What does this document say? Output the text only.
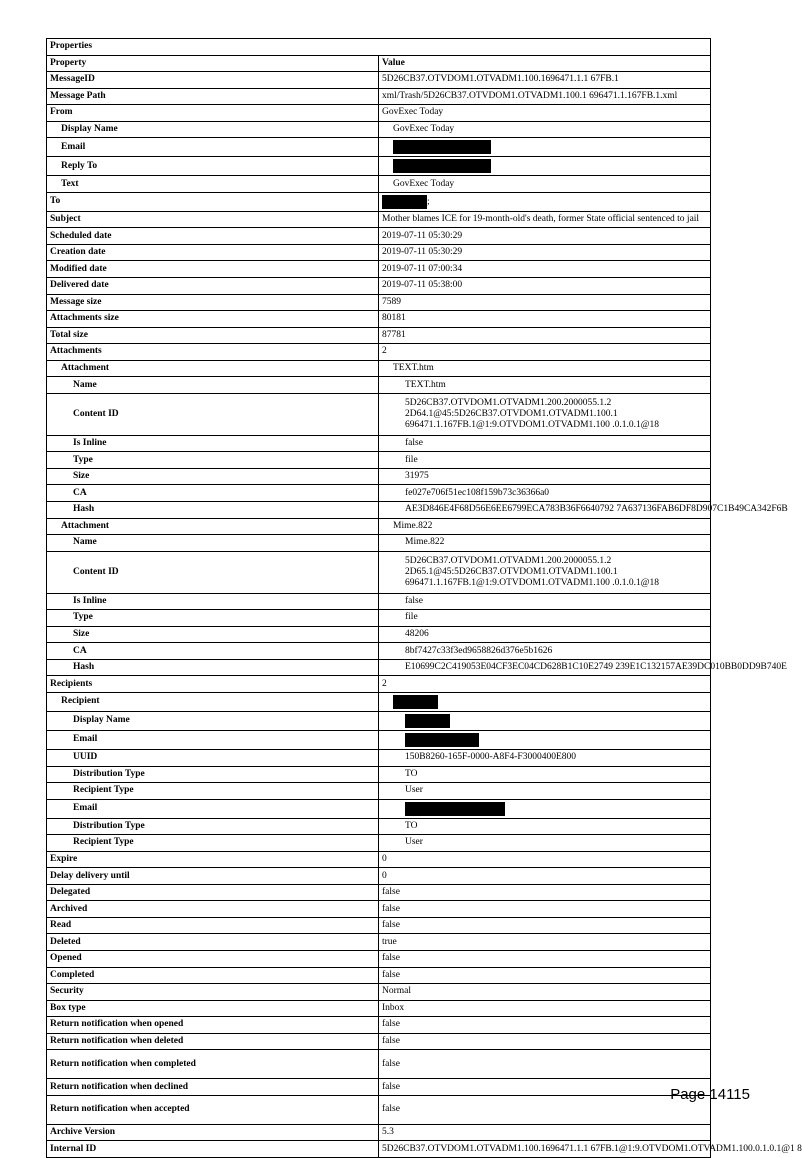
Properties	
Property	Value
MessageID	5D26CB37.OTVDOM1.OTVADM1.100.1696471.1.1 67FB.1
Message Path	xml/Trash/5D26CB37.OTVDOM1.OTVADM1.100.1 696471.1.167FB.1.xml
From	GovExec Today
Display Name	GovExec Today
Email	
Reply To	
Text	GovExec Today
To	;
Subject	Mother blames ICE for 19-month-old's death, former State official sentenced to jail
Scheduled date	2019-07-11 05:30:29
Creation date	2019-07-11 05:30:29
Modified date	2019-07-11 07:00:34
Delivered date	2019-07-11 05:38:00
Message size	7589
Attachments size	80181
Total size	87781
Attachments	2
Attachment	TEXT.htm
Name	TEXT.htm
Content ID	5D26CB37.OTVDOM1.OTVADM1.200.2000055.1.2
2D64.1@45:5D26CB37.OTVDOM1.OTVADM1.100.1
696471.1.167FB.1@1:9.OTVDOM1.OTVADM1.100 .0.1.0.1@18

Is Inline	false
Type	file
Size	31975
CA	fe027e706f51ec108f159b73c36366a0
Hash	AE3D846E4F68D56E6EE6799ECA783B36F6640792 7A637136FAB6DF8D907C1B49CA342F6B
Attachment	Mime.822
Name	Mime.822
Content ID	5D26CB37.OTVDOM1.OTVADM1.200.2000055.1.2
2D65.1@45:5D26CB37.OTVDOM1.OTVADM1.100.1
696471.1.167FB.1@1:9.OTVDOM1.OTVADM1.100 .0.1.0.1@18

Is Inline	false
Type	file
Size	48206
CA	8bf7427c33f3ed9658826d376e5b1626
Hash	E10699C2C419053E04CF3EC04CD628B1C10E2749 239E1C132157AE39DC010BB0DD9B740E
Recipients	2
Recipient	
Display Name	
Email	
UUID	150B8260-165F-0000-A8F4-F3000400E800
Distribution Type	TO
Recipient Type	User
Email	
Distribution Type	TO
Recipient Type	User
Expire	0
Delay delivery until	0
Delegated	false
Archived	false
Read	false
Deleted	true
Opened	false
Completed	false
Security	Normal
Box type	Inbox
Return notification when opened	false
Return notification when deleted	false
Return notification when completed	false
Return notification when declined	false
Return notification when accepted	false
Archive Version	5.3
Internal ID	5D26CB37.OTVDOM1.OTVADM1.100.1696471.1.1 67FB.1@1:9.OTVDOM1.OTVADM1.100.0.1.0.1@1 8
Page 14115
